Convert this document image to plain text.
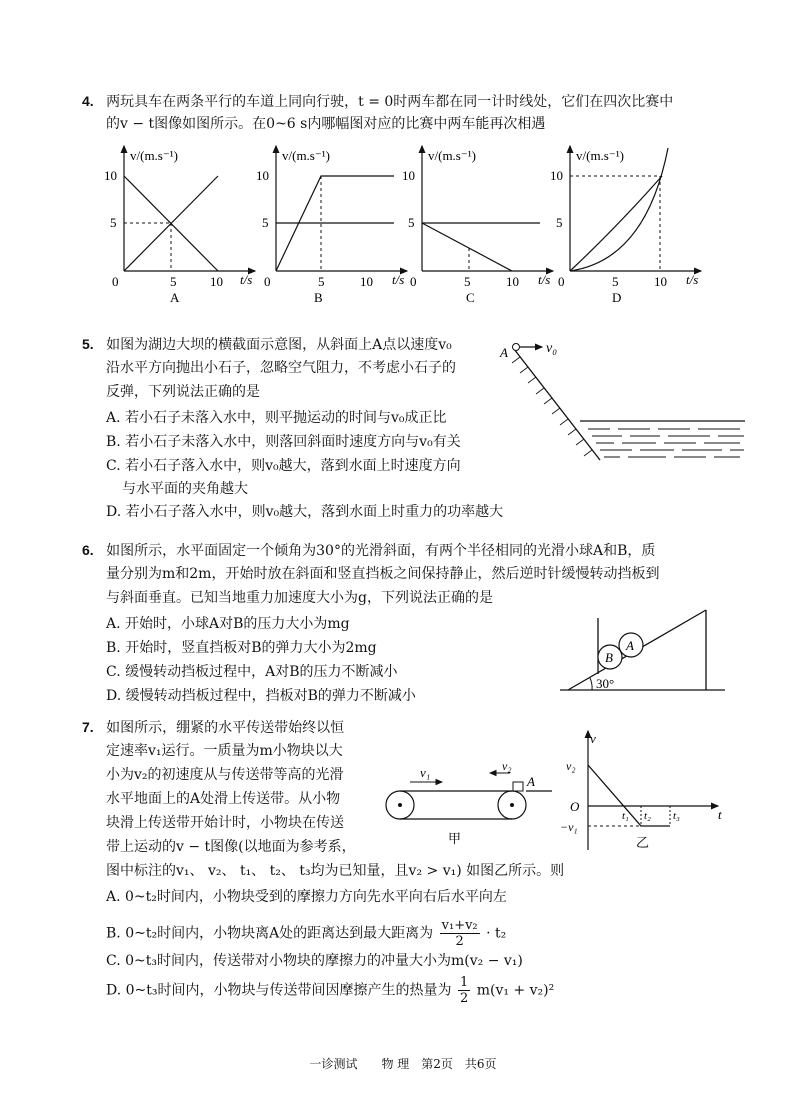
4. 两玩具车在两条平行的车道上同向行驶，t = 0时两车都在同一计时线处，它们在四次比赛中
的v − t图像如图所示。在0~6 s内哪幅图对应的比赛中两车能再次相遇
v/(m.s⁻¹)
t/s
10
5
0	5	10
A
v/(m.s⁻¹)
t/s
10
5
0	5	10
B
v/(m.s⁻¹)
t/s
10
5
0	5	10
C
v/(m.s⁻¹)
t/s
10
5
0	5	10
D
5. 如图为湖边大坝的横截面示意图，从斜面上A点以速度v₀
沿水平方向抛出小石子，忽略空气阻力，不考虑小石子的
反弹，下列说法正确的是
A. 若小石子未落入水中，则平抛运动的时间与v₀成正比
B. 若小石子未落入水中，则落回斜面时速度方向与v₀有关
C. 若小石子落入水中，则v₀越大，落到水面上时速度方向
与水平面的夹角越大
D. 若小石子落入水中，则v₀越大，落到水面上时重力的功率越大
A	v₀
6. 如图所示，水平面固定一个倾角为30°的光滑斜面，有两个半径相同的光滑小球A和B，质
量分别为m和2m，开始时放在斜面和竖直挡板之间保持静止，然后逆时针缓慢转动挡板到
与斜面垂直。已知当地重力加速度大小为g，下列说法正确的是
A. 开始时，小球A对B的压力大小为mg
B. 开始时，竖直挡板对B的弹力大小为2mg
C. 缓慢转动挡板过程中，A对B的压力不断减小
D. 缓慢转动挡板过程中，挡板对B的弹力不断减小
B
A
30°
7. 如图所示，绷紧的水平传送带始终以恒
定速率v₁运行。一质量为m小物块以大
小为v₂的初速度从与传送带等高的光滑
水平地面上的A处滑上传送带。从小物
块滑上传送带开始计时，小物块在传送
带上运动的v − t图像(以地面为参考系，
图中标注的v₁、 v₂、 t₁、 t₂、 t₃均为已知量，且v₂ > v₁) 如图乙所示。则
A. 0~t₂时间内，小物块受到的摩擦力方向先水平向右后水平向左
B. 0~t₂时间内，小物块离A处的距离达到最大距离为 $\frac{\text{v₁+v₂}}{2} \cdot t_2$
C. 0~t₃时间内，传送带对小物块的摩擦力的冲量大小为m(v₂ − v₁)
D. 0~t₃时间内，小物块与传送带间因摩擦产生的热量为 $\frac{1}{2} m(v_1 + v_2)^2$
v₁	v₂
A
甲
v
t
v₂
O
−v₁
t₁ t₂ t₃
乙
一诊测试　　物 理　第2页　共6页
